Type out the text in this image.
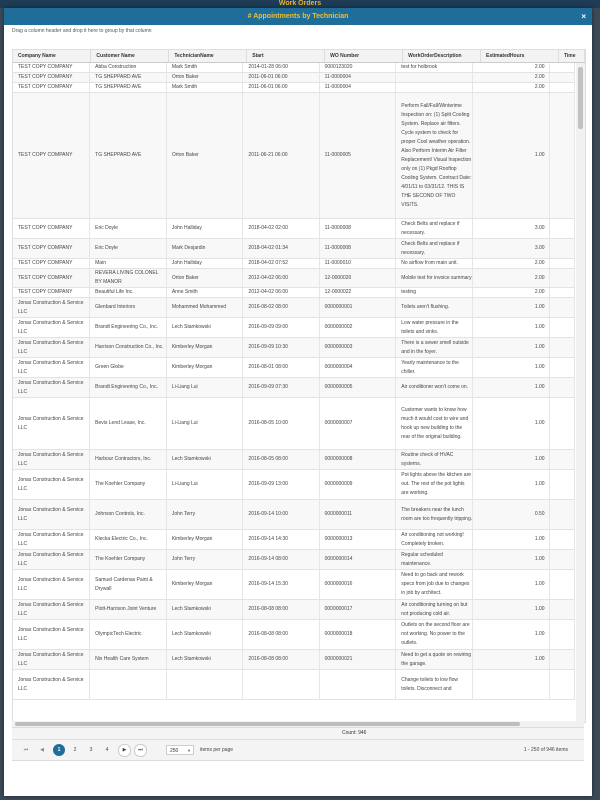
Work Orders
# Appointments by Technician	×
Drag a column header and drop it here to group by that column
Company Name	Customer Name	TechnicianName	Start	WO Number	WorkOrderDescription	EstimatedHours	Time
TEST COPY COMPANY	Abba Construction	Mark Smith	2014-01-28 06:00	0000123020	test for holbrook	2.00	
TEST COPY COMPANY	TG SHEPPARD AVE	Orton Baker	2011-06-01 06:00	11-0000004		2.00	
TEST COPY COMPANY	TG SHEPPARD AVE	Mark Smith	2011-06-01 06:00	11-0000004		2.00	
TEST COPY COMPANY	TG SHEPPARD AVE	Orton Baker	2011-06-21 06:00	11-0000005	Perform Fall/Fall/Winterime Inspection on: (1) Split Cooling System. Replace air filters. Cycle system to check for proper Cool weather operation. Also Perform Interim Air Filter Replacement/ Visual Inspection only on (1) Pkgd Rooftop Cooling System. Contract Date: 4/01/11 to 03/31/12. THIS IS THE SECOND OF TWO VISITS.	1.00	
TEST COPY COMPANY	Eric Doyle	John Halliday	2018-04-02 02:00	11-0000008	Check Belts and replace if necessary.	3.00	
TEST COPY COMPANY	Eric Doyle	Mark Desjardin	2018-04-02 01:34	11-0000008	Check Belts and replace if necessary.	3.00	
TEST COPY COMPANY	Main	John Halliday	2018-04-02 07:52	11-0000010	No airflow from main unit.	2.00	
TEST COPY COMPANY	REVERA LIVING COLONEL BY MANOR	Orton Baker	2012-04-02 06:00	12-0000020	Mobile test for invoice summary	2.00	
TEST COPY COMPANY	Beautiful Life Inc.	Anne Smith	2012-04-02 06:00	12-0000022	testing	2.00	
Jonas Construction & Service LLC	Glenbard Interiors	Mohammed Mohammed	2016-08-02 08:00	0000000001	Toilets aren't flushing.	1.00	
Jonas Construction & Service LLC	Brandt Engineering Co., Inc.	Lech Stamkowski	2016-09-09 09:00	0000000002	Low water pressure in the toilets and sinks.	1.00	
Jonas Construction & Service LLC	Harrison Construction Co., Inc.	Kimberley Morgan	2016-09-09 10:30	0000000003	There is a sewer smell outside and in the foyer.	1.00	
Jonas Construction & Service LLC	Green Globe	Kimberley Morgan	2016-08-01 08:00	0000000004	Yearly maintenance to the chiller.	1.00	
Jonas Construction & Service LLC	Brandt Engineering Co., Inc.	Li-Liang Lui	2016-09-09 07:30	0000000005	Air conditioner won't come on.	1.00	
Jonas Construction & Service LLC	Bevis Lend Lease, Inc.	Li-Liang Lui	2016-08-05 10:00	0000000007	Customer wants to know how much it would cost to wire and hook up new building to the rear of the original building.	1.00	
Jonas Construction & Service LLC	Harbour Contractors, Inc.	Lech Stamkowski	2016-08-05 08:00	0000000008	Routine check of HVAC systems.	1.00	
Jonas Construction & Service LLC	The Koehler Company	Li-Liang Lui	2016-09-09 13:00	0000000009	Pot lights above the kitchen are out. The rest of the pot lights are working.	1.00	
Jonas Construction & Service LLC	Johnson Controls, Inc.	John Terry	2016-09-14 10:00	0000000011	The breakers near the lunch room are too frequently tripping.	0.50	
Jonas Construction & Service LLC	Klecka Electric Co., Inc.	Kimberley Morgan	2016-09-14 14:30	0000000013	Air conditioning not working! Completely broken.	1.00	
Jonas Construction & Service LLC	The Koehler Company	John Terry	2016-09-14 08:00	0000000014	Regular scheduled maintenance.	1.00	
Jonas Construction & Service LLC	Samuel Cardenas Paint & Drywall	Kimberley Morgan	2016-09-14 15:30	0000000016	Need to go back and rework specs from job due to changes in job by architect.	1.00	
Jonas Construction & Service LLC	Plott-Harrison Joint Venture	Lech Stamkowski	2016-08-08 08:00	0000000017	Air conditioning turning on but not producing cold air.	1.00	
Jonas Construction & Service LLC	OlympicTech Electric	Lech Stamkowski	2016-08-08 08:00	0000000018	Outlets on the second floor are not working. No power to the outlets.	1.00	
Jonas Construction & Service LLC	Nix Health Care System	Lech Stamkowski	2016-08-08 08:00	0000000021	Need to get a quote on rewiring the garage.	1.00	
Jonas Construction & Service LLC					Change toilets to low flow toilets. Disconnect and		
Count: 946
⏮	◀	1	2	3	4	▶	⏭	250 ▼ items per page	1 - 250 of 946 items
